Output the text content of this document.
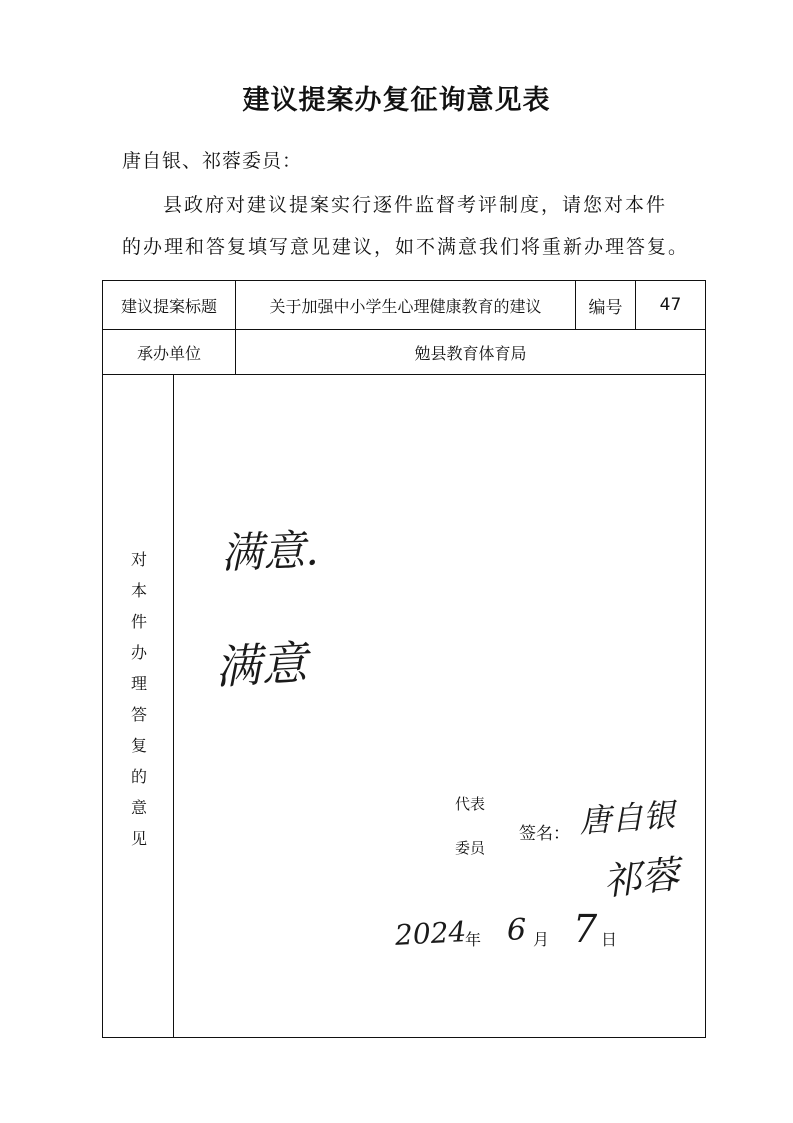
建议提案办复征询意见表
唐自银、祁蓉委员：
县政府对建议提案实行逐件监督考评制度，请您对本件
的办理和答复填写意见建议，如不满意我们将重新办理答复。
建议提案标题	关于加强中小学生心理健康教育的建议	编号	47
承办单位	勉县教育体育局
对本件办理答复的意见 满意.
满意
代表
委员
签名： 唐自银
祁蓉
2024
年 6 月 7 日
